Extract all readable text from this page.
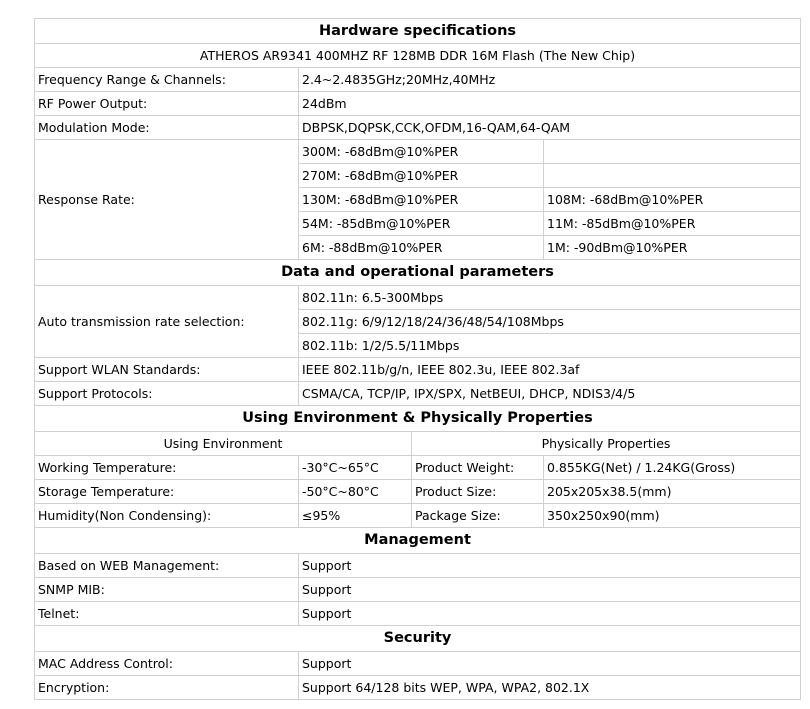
Hardware specifications			
ATHEROS AR9341 400MHZ RF 128MB DDR 16M Flash (The New Chip)			
Frequency Range & Channels:	2.4~2.4835GHz;20MHz,40MHz		
RF Power Output:	24dBm		
Modulation Mode:	DBPSK,DQPSK,CCK,OFDM,16-QAM,64-QAM		
Response Rate:	300M: -68dBm@10%PER		
	270M: -68dBm@10%PER		
	130M: -68dBm@10%PER		108M: -68dBm@10%PER
	54M: -85dBm@10%PER		11M: -85dBm@10%PER
	6M: -88dBm@10%PER		1M: -90dBm@10%PER
Data and operational parameters			
Auto transmission rate selection:	802.11n: 6.5-300Mbps		
	802.11g: 6/9/12/18/24/36/48/54/108Mbps		
	802.11b: 1/2/5.5/11Mbps		
Support WLAN Standards:	IEEE 802.11b/g/n, IEEE 802.3u, IEEE 802.3af		
Support Protocols:	CSMA/CA, TCP/IP, IPX/SPX, NetBEUI, DHCP, NDIS3/4/5		
Using Environment & Physically Properties			
Using Environment		Physically Properties	
Working Temperature:	-30°C~65°C	Product Weight:	0.855KG(Net) / 1.24KG(Gross)
Storage Temperature:	-50°C~80°C	Product Size:	205x205x38.5(mm)
Humidity(Non Condensing):	≤95%	Package Size:	350x250x90(mm)
Management			
Based on WEB Management:	Support		
SNMP MIB:	Support		
Telnet:	Support		
Security			
MAC Address Control:	Support		
Encryption:	Support 64/128 bits WEP, WPA, WPA2, 802.1X		
